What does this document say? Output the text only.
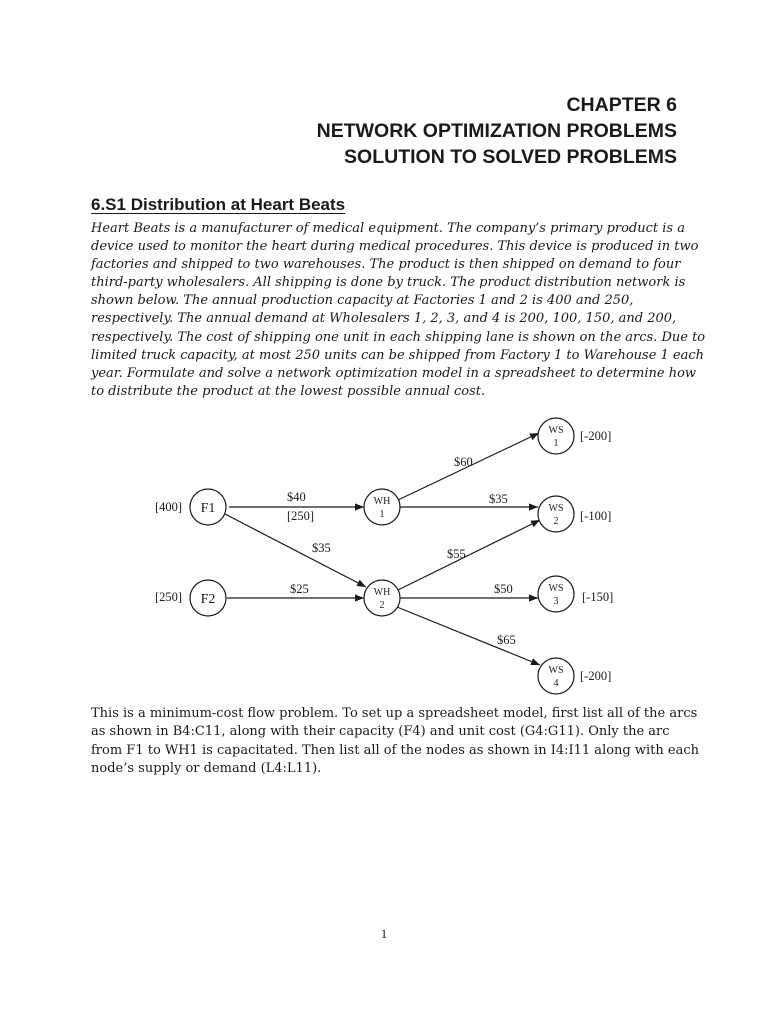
CHAPTER 6
NETWORK OPTIMIZATION PROBLEMS
SOLUTION TO SOLVED PROBLEMS
6.S1 Distribution at Heart Beats
Heart Beats is a manufacturer of medical equipment. The company’s primary product is a
device used to monitor the heart during medical procedures. This device is produced in two
factories and shipped to two warehouses. The product is then shipped on demand to four
third-party wholesalers. All shipping is done by truck. The product distribution network is
shown below. The annual production capacity at Factories 1 and 2 is 400 and 250,
respectively. The annual demand at Wholesalers 1, 2, 3, and 4 is 200, 100, 150, and 200,
respectively. The cost of shipping one unit in each shipping lane is shown on the arcs. Due to
limited truck capacity, at most 250 units can be shipped from Factory 1 to Warehouse 1 each
year. Formulate and solve a network optimization model in a spreadsheet to determine how
to distribute the product at the lowest possible annual cost.
F1
F2
WH
1
WH
2
WS
1
WS
2
WS
3
WS
4
[400]
[250]
[-200]
[-100]
[-150]
[-200]
$40
[250]
$35
$25
$60
$35
$55
$50
$65
This is a minimum-cost flow problem. To set up a spreadsheet model, first list all of the arcs
as shown in B4:C11, along with their capacity (F4) and unit cost (G4:G11). Only the arc
from F1 to WH1 is capacitated. Then list all of the nodes as shown in I4:I11 along with each
node’s supply or demand (L4:L11).
1
